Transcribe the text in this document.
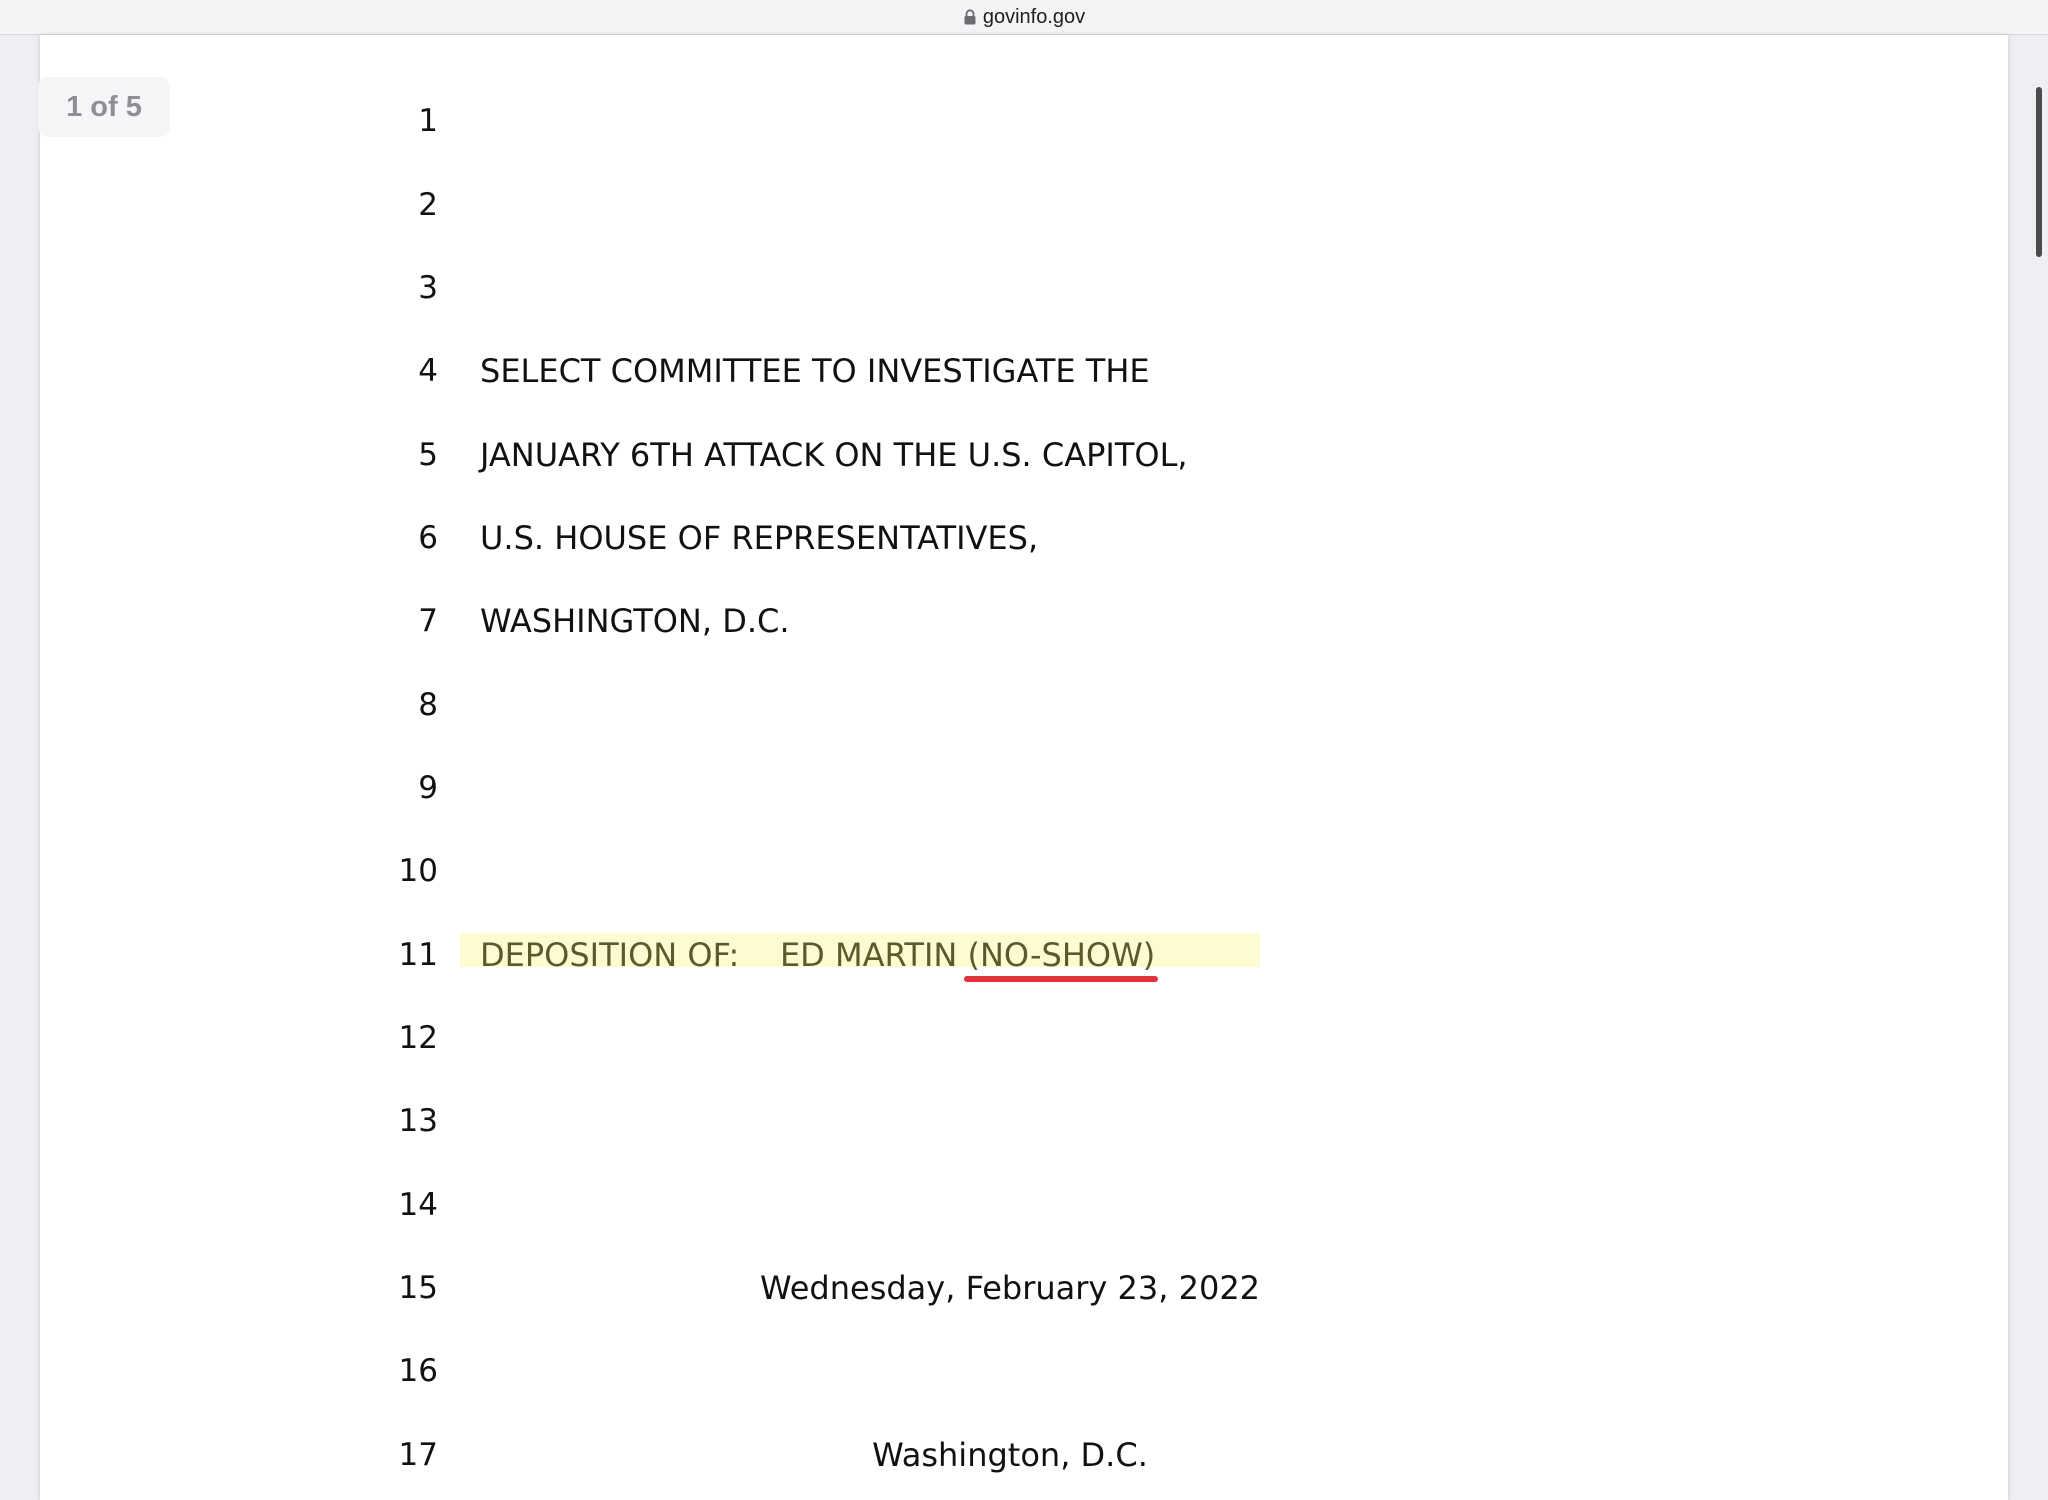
govinfo.gov
1
2
3
4 SELECT COMMITTEE TO INVESTIGATE THE
5 JANUARY 6TH ATTACK ON THE U.S. CAPITOL,
6 U.S. HOUSE OF REPRESENTATIVES,
7 WASHINGTON, D.C.
8
9
10
11 DEPOSITION OF:    ED MARTIN (NO-SHOW)
12
13
14
15	Wednesday, February 23, 2022
16
17	Washington, D.C.
1 of 5
